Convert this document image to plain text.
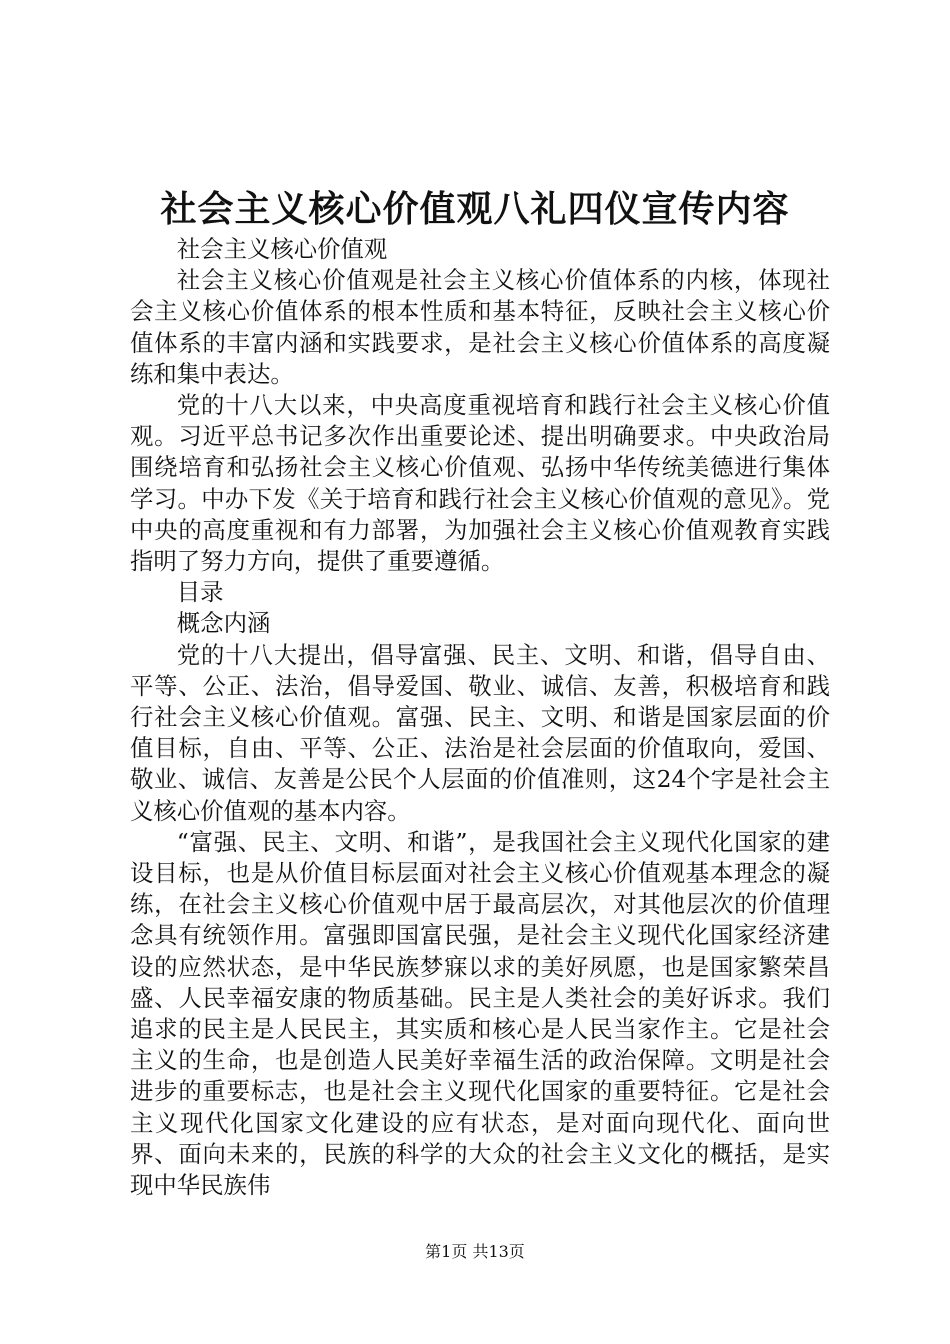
社会主义核心价值观八礼四仪宣传内容

社会主义核心价值观

社会主义核心价值观是社会主义核心价值体系的内核，体现社会主义核心价值体系的根本性质和基本特征，反映社会主义核心价值体系的丰富内涵和实践要求，是社会主义核心价值体系的高度凝练和集中表达。

党的十八大以来，中央高度重视培育和践行社会主义核心价值观。习近平总书记多次作出重要论述、提出明确要求。中央政治局围绕培育和弘扬社会主义核心价值观、弘扬中华传统美德进行集体学习。中办下发《关于培育和践行社会主义核心价值观的意见》。党中央的高度重视和有力部署，为加强社会主义核心价值观教育实践指明了努力方向，提供了重要遵循。

目录

概念内涵

党的十八大提出，倡导富强、民主、文明、和谐，倡导自由、平等、公正、法治，倡导爱国、敬业、诚信、友善，积极培育和践行社会主义核心价值观。富强、民主、文明、和谐是国家层面的价值目标，自由、平等、公正、法治是社会层面的价值取向，爱国、敬业、诚信、友善是公民个人层面的价值准则，这24个字是社会主义核心价值观的基本内容。

“富强、民主、文明、和谐”，是我国社会主义现代化国家的建设目标，也是从价值目标层面对社会主义核心价值观基本理念的凝练，在社会主义核心价值观中居于最高层次，对其他层次的价值理念具有统领作用。富强即国富民强，是社会主义现代化国家经济建设的应然状态，是中华民族梦寐以求的美好夙愿，也是国家繁荣昌盛、人民幸福安康的物质基础。民主是人类社会的美好诉求。我们追求的民主是人民民主，其实质和核心是人民当家作主。它是社会主义的生命，也是创造人民美好幸福生活的政治保障。文明是社会进步的重要标志，也是社会主义现代化国家的重要特征。它是社会主义现代化国家文化建设的应有状态，是对面向现代化、面向世界、面向未来的，民族的科学的大众的社会主义文化的概括，是实现中华民族伟

第1页 共13页
